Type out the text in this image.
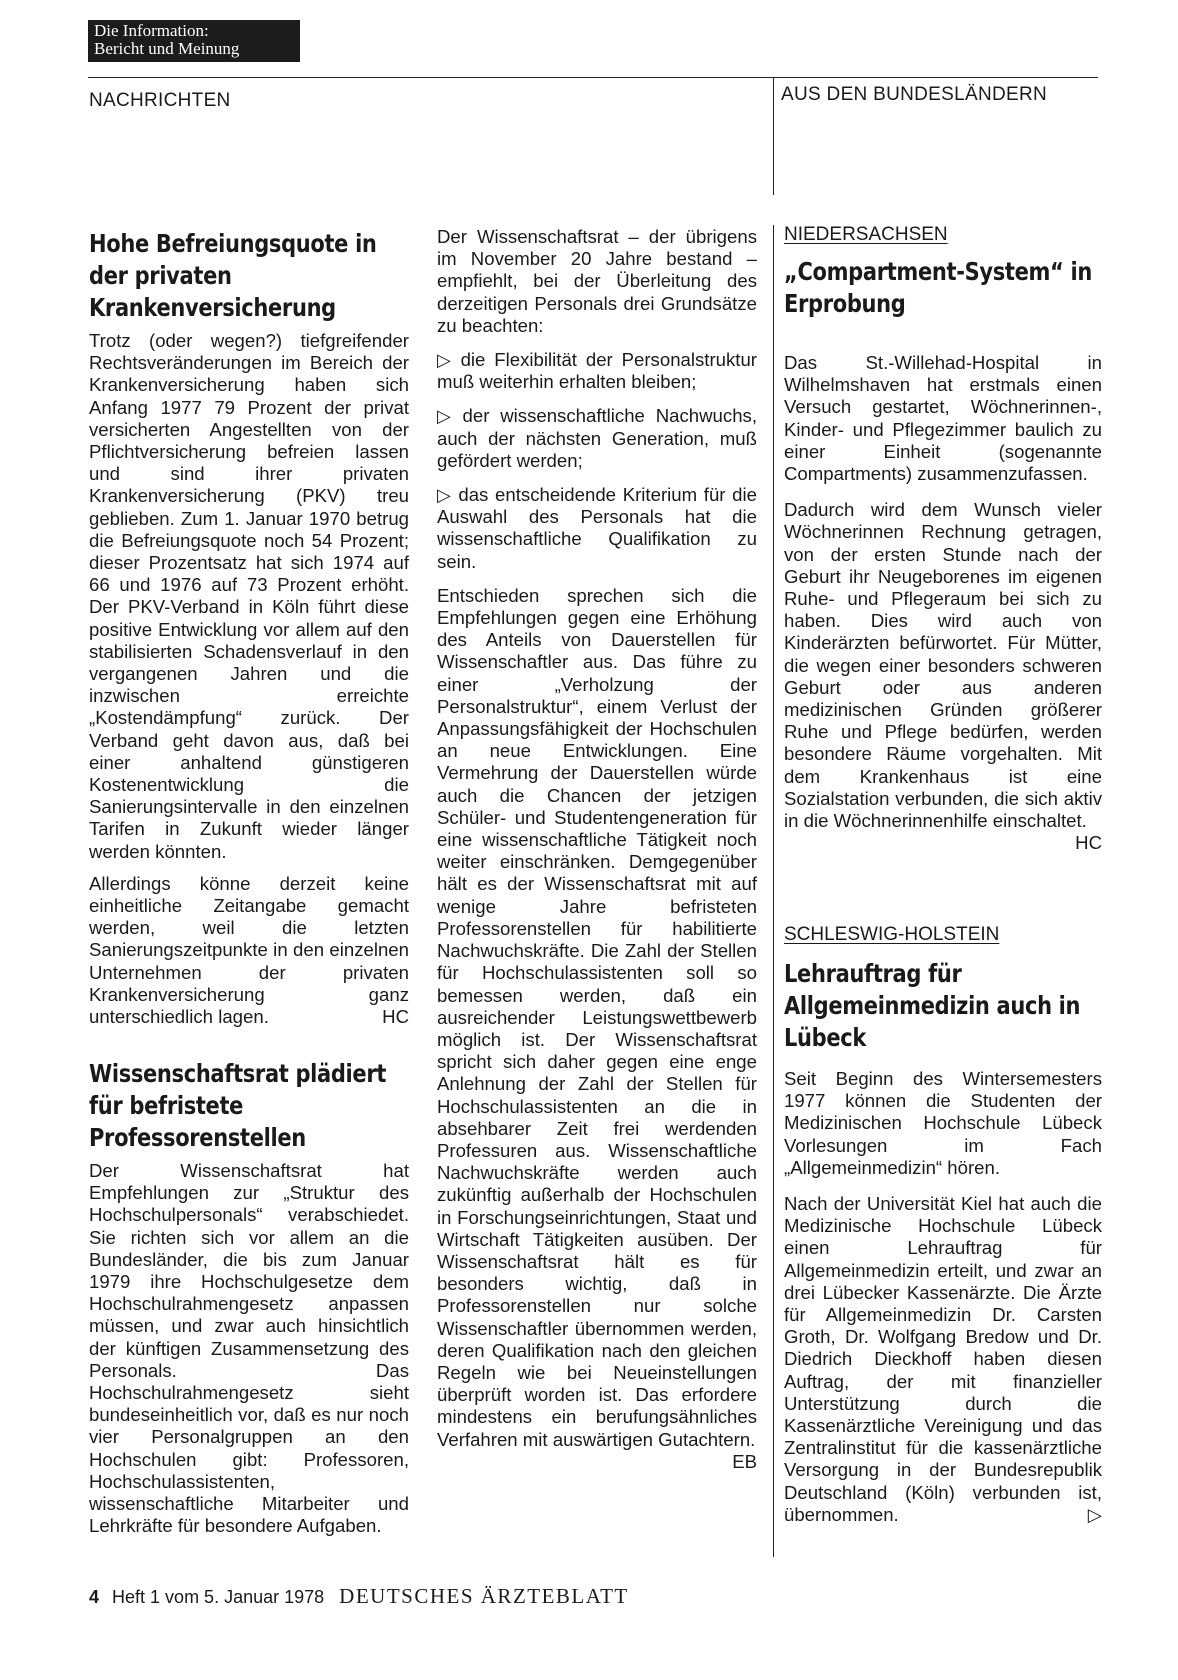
Die Information:
Bericht und Meinung
NACHRICHTEN	AUS DEN BUNDESLÄNDERN
Hohe Befreiungsquote in der privaten Krankenversicherung

Trotz (oder wegen?) tiefgreifender Rechtsveränderungen im Bereich der Krankenversicherung haben sich Anfang 1977 79 Prozent der privat versicherten Angestellten von der Pflichtversicherung befreien lassen und sind ihrer privaten Krankenversicherung (PKV) treu geblieben. Zum 1. Januar 1970 betrug die Befreiungsquote noch 54 Prozent; dieser Prozentsatz hat sich 1974 auf 66 und 1976 auf 73 Prozent erhöht. Der PKV-Verband in Köln führt diese positive Entwicklung vor allem auf den stabilisierten Schadensverlauf in den vergangenen Jahren und die inzwischen erreichte „Kostendämpfung“ zurück. Der Verband geht davon aus, daß bei einer anhaltend günstigeren Kostenentwicklung die Sanierungsintervalle in den einzelnen Tarifen in Zukunft wieder länger werden könnten.

Allerdings könne derzeit keine einheitliche Zeitangabe gemacht werden, weil die letzten Sanierungszeitpunkte in den einzelnen Unternehmen der privaten Krankenversicherung ganz unterschiedlich lagen.	HC

Wissenschaftsrat plädiert für befristete Professorenstellen

Der Wissenschaftsrat hat Empfehlungen zur „Struktur des Hochschulpersonals“ verabschiedet. Sie richten sich vor allem an die Bundesländer, die bis zum Januar 1979 ihre Hochschulgesetze dem Hochschulrahmengesetz anpassen müssen, und zwar auch hinsichtlich der künftigen Zusammensetzung des Personals. Das Hochschulrahmengesetz sieht bundeseinheitlich vor, daß es nur noch vier Personalgruppen an den Hochschulen gibt: Professoren, Hochschulassistenten, wissenschaftliche Mitarbeiter und Lehrkräfte für besondere Aufgaben.

Der Wissenschaftsrat – der übrigens im November 20 Jahre bestand – empfiehlt, bei der Überleitung des derzeitigen Personals drei Grundsätze zu beachten:

▷ die Flexibilität der Personalstruktur muß weiterhin erhalten bleiben;

▷ der wissenschaftliche Nachwuchs, auch der nächsten Generation, muß gefördert werden;

▷ das entscheidende Kriterium für die Auswahl des Personals hat die wissenschaftliche Qualifikation zu sein.

Entschieden sprechen sich die Empfehlungen gegen eine Erhöhung des Anteils von Dauerstellen für Wissenschaftler aus. Das führe zu einer „Verholzung der Personalstruktur“, einem Verlust der Anpassungsfähigkeit der Hochschulen an neue Entwicklungen. Eine Vermehrung der Dauerstellen würde auch die Chancen der jetzigen Schüler- und Studentengeneration für eine wissenschaftliche Tätigkeit noch weiter einschränken. Demgegenüber hält es der Wissenschaftsrat mit auf wenige Jahre befristeten Professorenstellen für habilitierte Nachwuchskräfte. Die Zahl der Stellen für Hochschulassistenten soll so bemessen werden, daß ein ausreichender Leistungswettbewerb möglich ist. Der Wissenschaftsrat spricht sich daher gegen eine enge Anlehnung der Zahl der Stellen für Hochschulassistenten an die in absehbarer Zeit frei werdenden Professuren aus. Wissenschaftliche Nachwuchskräfte werden auch zukünftig außerhalb der Hochschulen in Forschungseinrichtungen, Staat und Wirtschaft Tätigkeiten ausüben. Der Wissenschaftsrat hält es für besonders wichtig, daß in Professorenstellen nur solche Wissenschaftler übernommen werden, deren Qualifikation nach den gleichen Regeln wie bei Neueinstellungen überprüft worden ist. Das erfordere mindestens ein berufungsähnliches Verfahren mit auswärtigen Gutachtern.
EB

NIEDERSACHSEN

„Compartment-System“ in Erprobung

Das St.-Willehad-Hospital in Wilhelmshaven hat erstmals einen Versuch gestartet, Wöchnerinnen-, Kinder- und Pflegezimmer baulich zu einer Einheit (sogenannte Compartments) zusammenzufassen.

Dadurch wird dem Wunsch vieler Wöchnerinnen Rechnung getragen, von der ersten Stunde nach der Geburt ihr Neugeborenes im eigenen Ruhe- und Pflegeraum bei sich zu haben. Dies wird auch von Kinderärzten befürwortet. Für Mütter, die wegen einer besonders schweren Geburt oder aus anderen medizinischen Gründen größerer Ruhe und Pflege bedürfen, werden besondere Räume vorgehalten. Mit dem Krankenhaus ist eine Sozialstation verbunden, die sich aktiv in die Wöchnerinnenhilfe einschaltet.
HC

SCHLESWIG-HOLSTEIN

Lehrauftrag für Allgemeinmedizin auch in Lübeck

Seit Beginn des Wintersemesters 1977 können die Studenten der Medizinischen Hochschule Lübeck Vorlesungen im Fach „Allgemeinmedizin“ hören.

Nach der Universität Kiel hat auch die Medizinische Hochschule Lübeck einen Lehrauftrag für Allgemeinmedizin erteilt, und zwar an drei Lübecker Kassenärzte. Die Ärzte für Allgemeinmedizin Dr. Carsten Groth, Dr. Wolfgang Bredow und Dr. Diedrich Dieckhoff haben diesen Auftrag, der mit finanzieller Unterstützung durch die Kassenärztliche Vereinigung und das Zentralinstitut für die kassenärztliche Versorgung in der Bundesrepublik Deutschland (Köln) verbunden ist, übernommen.	▷

4 Heft 1 vom 5. Januar 1978 DEUTSCHES ÄRZTEBLATT
